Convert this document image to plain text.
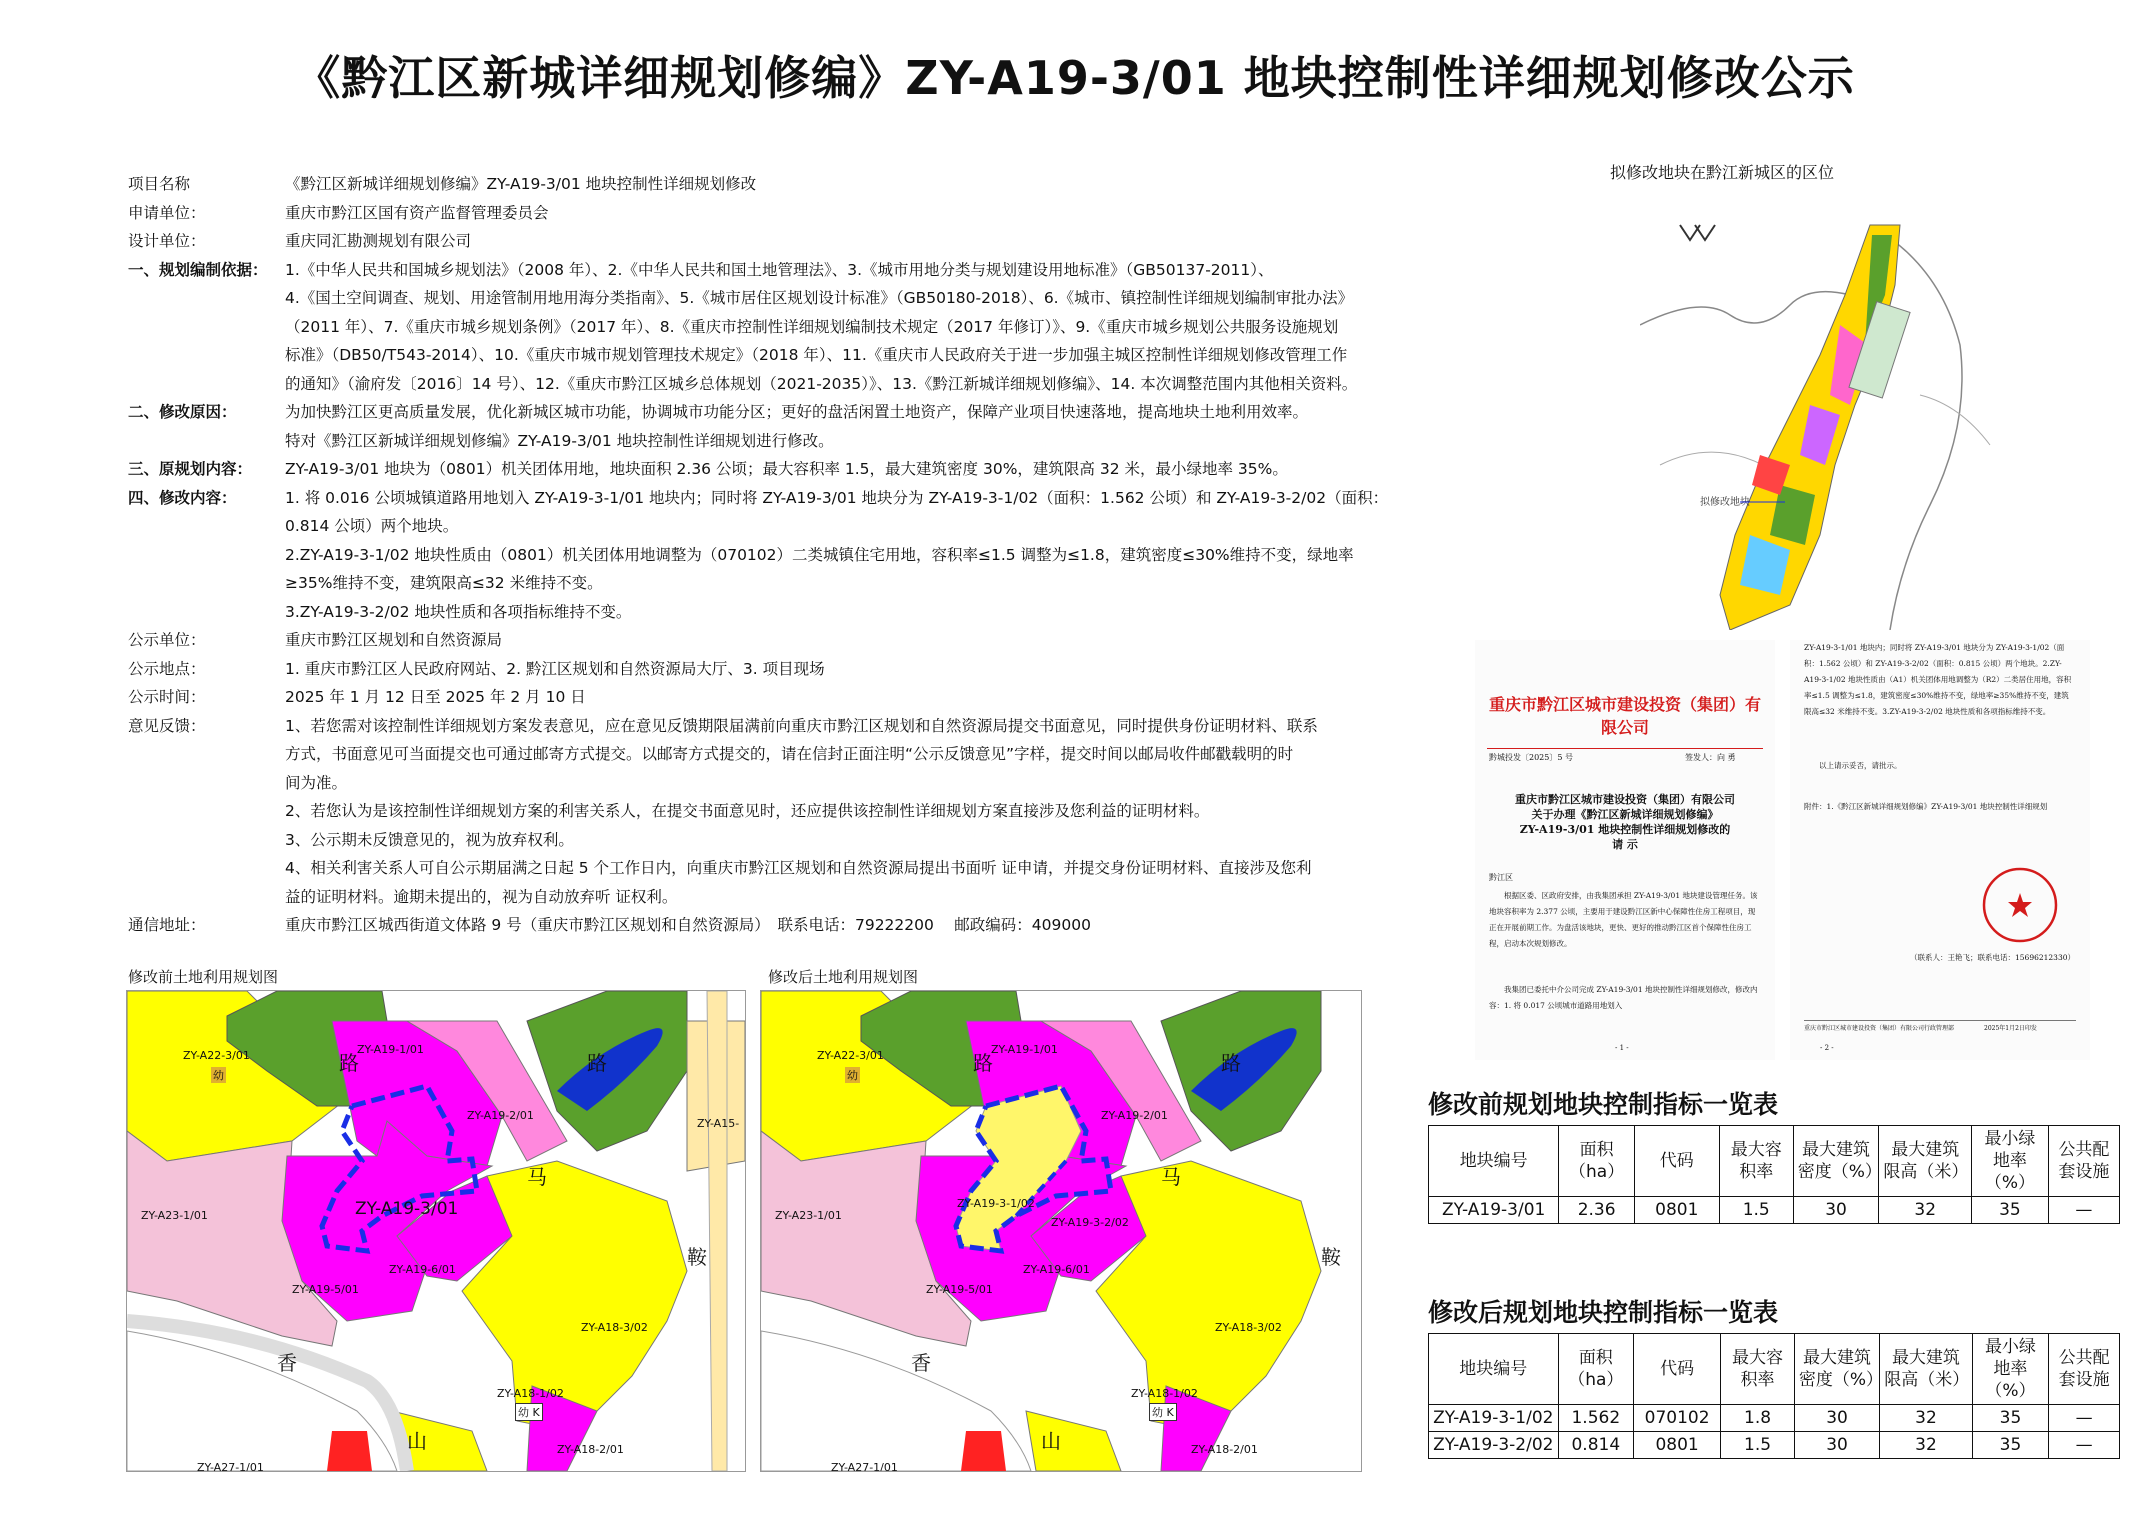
《黔江区新城详细规划修编》ZY-A19-3/01 地块控制性详细规划修改公示
项目名称	《黔江区新城详细规划修编》ZY-A19-3/01 地块控制性详细规划修改
申请单位：	重庆市黔江区国有资产监督管理委员会
设计单位：	重庆同汇勘测规划有限公司
一、规划编制依据：	1.《中华人民共和国城乡规划法》（2008 年）、2.《中华人民共和国土地管理法》、3.《城市用地分类与规划建设用地标准》（GB50137-2011）、
4.《国土空间调查、规划、用途管制用地用海分类指南》、5.《城市居住区规划设计标准》（GB50180-2018）、6.《城市、镇控制性详细规划编制审批办法》
（2011 年）、7.《重庆市城乡规划条例》（2017 年）、8.《重庆市控制性详细规划编制技术规定（2017 年修订）》、9.《重庆市城乡规划公共服务设施规划
标准》（DB50/T543-2014）、10.《重庆市城市规划管理技术规定》（2018 年）、11.《重庆市人民政府关于进一步加强主城区控制性详细规划修改管理工作
的通知》（渝府发〔2016〕14 号）、12.《重庆市黔江区城乡总体规划（2021-2035）》、13.《黔江新城详细规划修编》、14. 本次调整范围内其他相关资料。
二、修改原因：	为加快黔江区更高质量发展，优化新城区城市功能，协调城市功能分区；更好的盘活闲置土地资产，保障产业项目快速落地，提高地块土地利用效率。
特对《黔江区新城详细规划修编》ZY-A19-3/01 地块控制性详细规划进行修改。
三、原规划内容：	ZY-A19-3/01 地块为（0801）机关团体用地，地块面积 2.36 公顷；最大容积率 1.5，最大建筑密度 30%，建筑限高 32 米，最小绿地率 35%。
四、修改内容：	1. 将 0.016 公顷城镇道路用地划入 ZY-A19-3-1/01 地块内；同时将 ZY-A19-3/01 地块分为 ZY-A19-3-1/02（面积：1.562 公顷）和 ZY-A19-3-2/02（面积：
0.814 公顷）两个地块。
2.ZY-A19-3-1/02 地块性质由（0801）机关团体用地调整为（070102）二类城镇住宅用地，容积率≤1.5 调整为≤1.8，建筑密度≤30%维持不变，绿地率
≥35%维持不变，建筑限高≤32 米维持不变。
3.ZY-A19-3-2/02 地块性质和各项指标维持不变。
公示单位：	重庆市黔江区规划和自然资源局
公示地点：	1. 重庆市黔江区人民政府网站、2. 黔江区规划和自然资源局大厅、3. 项目现场
公示时间：	2025 年 1 月 12 日至 2025 年 2 月 10 日
意见反馈：	1、若您需对该控制性详细规划方案发表意见，应在意见反馈期限届满前向重庆市黔江区规划和自然资源局提交书面意见，同时提供身份证明材料、联系
方式，书面意见可当面提交也可通过邮寄方式提交。以邮寄方式提交的，请在信封正面注明“公示反馈意见”字样，提交时间以邮局收件邮戳载明的时
间为准。
2、若您认为是该控制性详细规划方案的利害关系人，在提交书面意见时，还应提供该控制性详细规划方案直接涉及您利益的证明材料。
3、公示期未反馈意见的，视为放弃权利。
4、相关利害关系人可自公示期届满之日起 5 个工作日内，向重庆市黔江区规划和自然资源局提出书面听 证申请，并提交身份证明材料、直接涉及您利
益的证明材料。逾期未提出的，视为自动放弃听 证权利。
通信地址：	重庆市黔江区城西街道文体路 9 号（重庆市黔江区规划和自然资源局）　联系电话：79222200　 邮政编码：409000
修改前土地利用规划图	修改后土地利用规划图
ZY-A22-3/01
幼
ZY-A23-1/01
ZY-A19-1/01
ZY-A19-2/01
ZY-A19-3/01
ZY-A19-5/01
ZY-A19-6/01
ZY-A18-3/02
ZY-A18-1/02
幼 K
ZY-A18-2/01
ZY-A15-
ZY-A27-1/01
路	路
马
鞍
香
山
ZY-A22-3/01
幼
ZY-A23-1/01
ZY-A19-1/01
ZY-A19-2/01
ZY-A19-3-1/02
ZY-A19-3-2/02
ZY-A19-5/01
ZY-A19-6/01
ZY-A18-3/02
ZY-A18-1/02
幼 K
ZY-A18-2/01
ZY-A27-1/01
路	路
马
鞍
香
山
拟修改地块在黔江新城区的区位
拟修改地块
重庆市黔江区城市建设投资（集团）有限公司
黔城投发〔2025〕5 号	签发人：向 勇
重庆市黔江区城市建设投资（集团）有限公司
关于办理《黔江区新城详细规划修编》
ZY-A19-3/01 地块控制性详细规划修改的
请 示
黔江区
根据区委、区政府安排，由我集团承担 ZY-A19-3/01 地块建设管理任务。该地块容积率为 2.377 公顷，主要用于建设黔江区新中心保障性住房工程项目，现正在开展前期工作。为盘活该地块，更快、更好的推动黔江区首个保障性住房工程，启动本次规划修改。
我集团已委托中介公司完成 ZY-A19-3/01 地块控制性详细规划修改，修改内容：1. 将 0.017 公顷城市道路用地划入
- 1 -
ZY-A19-3-1/01 地块内；同时将 ZY-A19-3/01 地块分为 ZY-A19-3-1/02（面积：1.562 公顷）和 ZY-A19-3-2/02（面积：0.815 公顷）两个地块。2.ZY-A19-3-1/02 地块性质由（A1）机关团体用地调整为（R2）二类居住用地，容积率≤1.5 调整为≤1.8，建筑密度≤30%维持不变，绿地率≥35%维持不变，建筑限高≤32 米维持不变。3.ZY-A19-3-2/02 地块性质和各项指标维持不变。
以上请示妥否，请批示。
附件：1.《黔江区新城详细规划修编》ZY-A19-3/01 地块控制性详细规划
（联系人：王艳飞；联系电话：15696212330）
重庆市黔江区城市建设投资（集团）有限公司行政管理部　　　　　2025年1月2日印发
- 2 -
修改前规划地块控制指标一览表
地块编号	面积（ha）	代码	最大容积率	最大建筑密度（%）	最大建筑限高（米）	最小绿地率（%）	公共配套设施
ZY-A19-3/01	2.36	0801	1.5	30	32	35	—
修改后规划地块控制指标一览表
地块编号	面积（ha）	代码	最大容积率	最大建筑密度（%）	最大建筑限高（米）	最小绿地率（%）	公共配套设施
ZY-A19-3-1/02	1.562	070102	1.8	30	32	35	—
ZY-A19-3-2/02	0.814	0801	1.5	30	32	35	—
